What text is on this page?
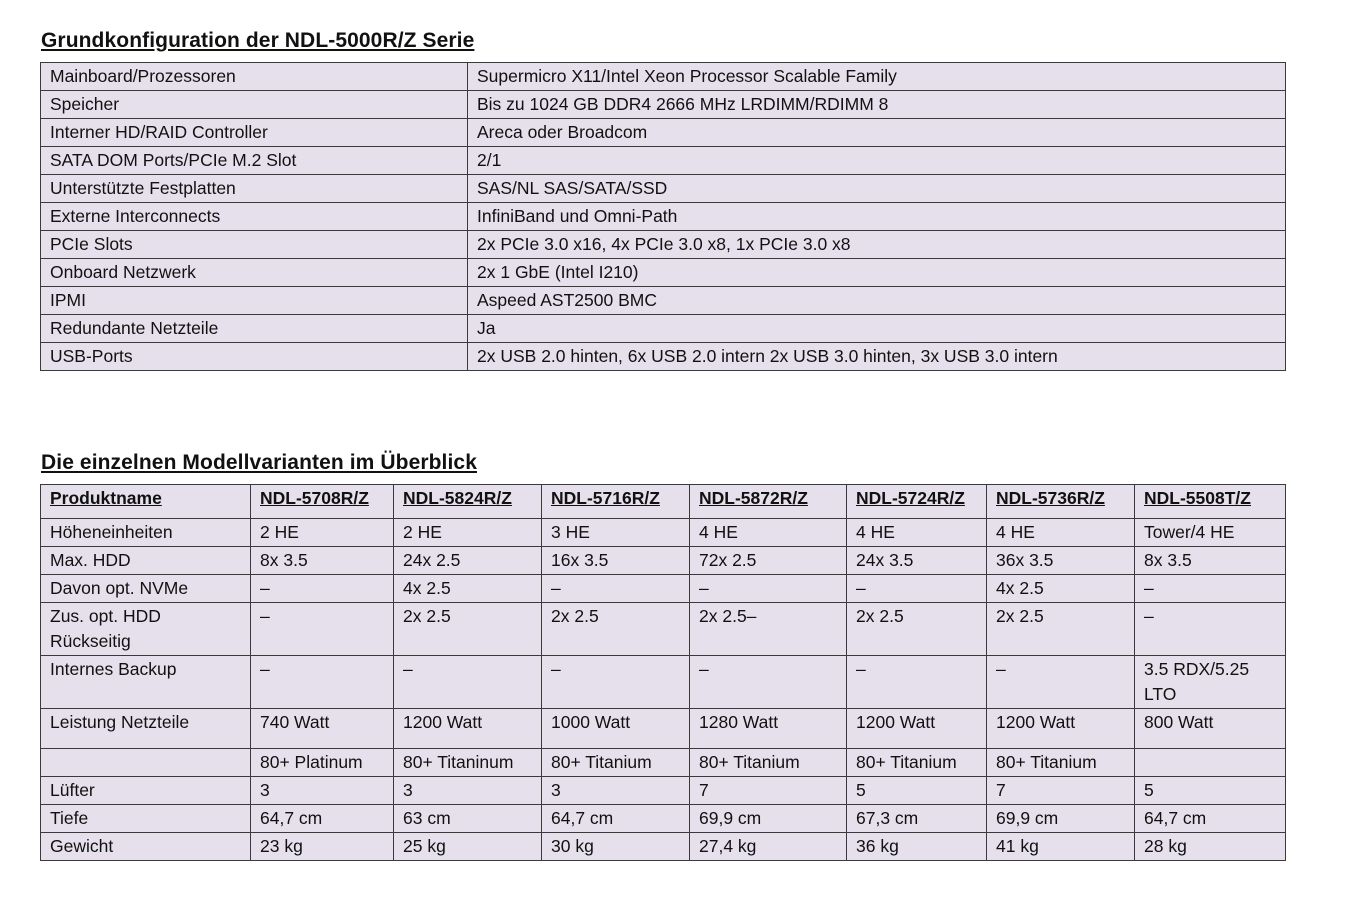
Grundkonfiguration der NDL-5000R/Z Serie
Mainboard/Prozessoren	Supermicro X11/Intel Xeon Processor Scalable Family
Speicher	Bis zu 1024 GB DDR4 2666 MHz LRDIMM/RDIMM 8
Interner HD/RAID Controller	Areca oder Broadcom
SATA DOM Ports/PCIe M.2 Slot	2/1
Unterstützte Festplatten	SAS/NL SAS/SATA/SSD
Externe Interconnects	InfiniBand und Omni-Path
PCIe Slots	2x PCIe 3.0 x16, 4x PCIe 3.0 x8, 1x PCIe 3.0 x8
Onboard Netzwerk	2x 1 GbE (Intel I210)
IPMI	Aspeed AST2500 BMC
Redundante Netzteile	Ja
USB-Ports	2x USB 2.0 hinten, 6x USB 2.0 intern 2x USB 3.0 hinten, 3x USB 3.0 intern
Die einzelnen Modellvarianten im Überblick
Produktname	NDL-5708R/Z	NDL-5824R/Z	NDL-5716R/Z	NDL-5872R/Z	NDL-5724R/Z	NDL-5736R/Z	NDL-5508T/Z
Höheneinheiten	2 HE	2 HE	3 HE	4 HE	4 HE	4 HE	Tower/4 HE
Max. HDD	8x 3.5	24x 2.5	16x 3.5	72x 2.5	24x 3.5	36x 3.5	8x 3.5
Davon opt. NVMe	–	4x 2.5	–	–	–	4x 2.5	–
Zus. opt. HDD
Rückseitig	–	2x 2.5	2x 2.5	2x 2.5–	2x 2.5	2x 2.5	–
Internes Backup	–	–	–	–	–	–	3.5 RDX/5.25
LTO
Leistung Netzteile	740 Watt	1200 Watt	1000 Watt	1280 Watt	1200 Watt	1200 Watt	800 Watt
	80+ Platinum	80+ Titaninum	80+ Titanium	80+ Titanium	80+ Titanium	80+ Titanium	
Lüfter	3	3	3	7	5	7	5
Tiefe	64,7 cm	63 cm	64,7 cm	69,9 cm	67,3 cm	69,9 cm	64,7 cm
Gewicht	23 kg	25 kg	30 kg	27,4 kg	36 kg	41 kg	28 kg
